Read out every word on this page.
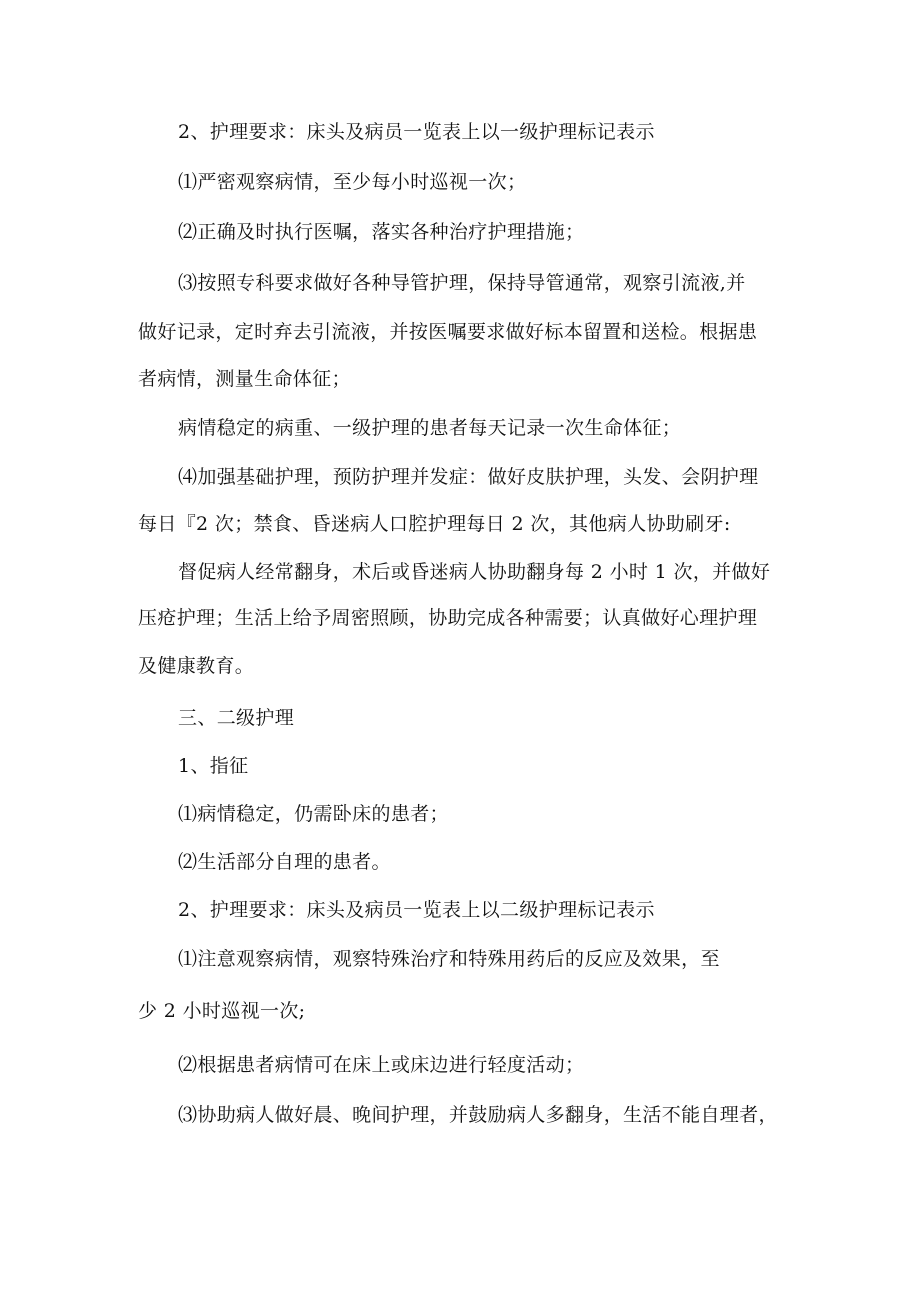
2、护理要求：床头及病员一览表上以一级护理标记表示
⑴严密观察病情，至少每小时巡视一次；
⑵正确及时执行医嘱，落实各种治疗护理措施；
⑶按照专科要求做好各种导管护理，保持导管通常，观察引流液,并
做好记录，定时弃去引流液，并按医嘱要求做好标本留置和送检。根据患
者病情，测量生命体征；
病情稳定的病重、一级护理的患者每天记录一次生命体征；
⑷加强基础护理，预防护理并发症：做好皮肤护理，头发、会阴护理
每日『2 次；禁食、昏迷病人口腔护理每日 2 次，其他病人协助刷牙:
督促病人经常翻身，术后或昏迷病人协助翻身每 2 小时 1 次，并做好
压疮护理；生活上给予周密照顾，协助完成各种需要；认真做好心理护理
及健康教育。
三、二级护理
1、指征
⑴病情稳定，仍需卧床的患者；
⑵生活部分自理的患者。
2、护理要求：床头及病员一览表上以二级护理标记表示
⑴注意观察病情，观察特殊治疗和特殊用药后的反应及效果，至
少 2 小时巡视一次;
⑵根据患者病情可在床上或床边进行轻度活动；
⑶协助病人做好晨、晚间护理，并鼓励病人多翻身，生活不能自理者，
